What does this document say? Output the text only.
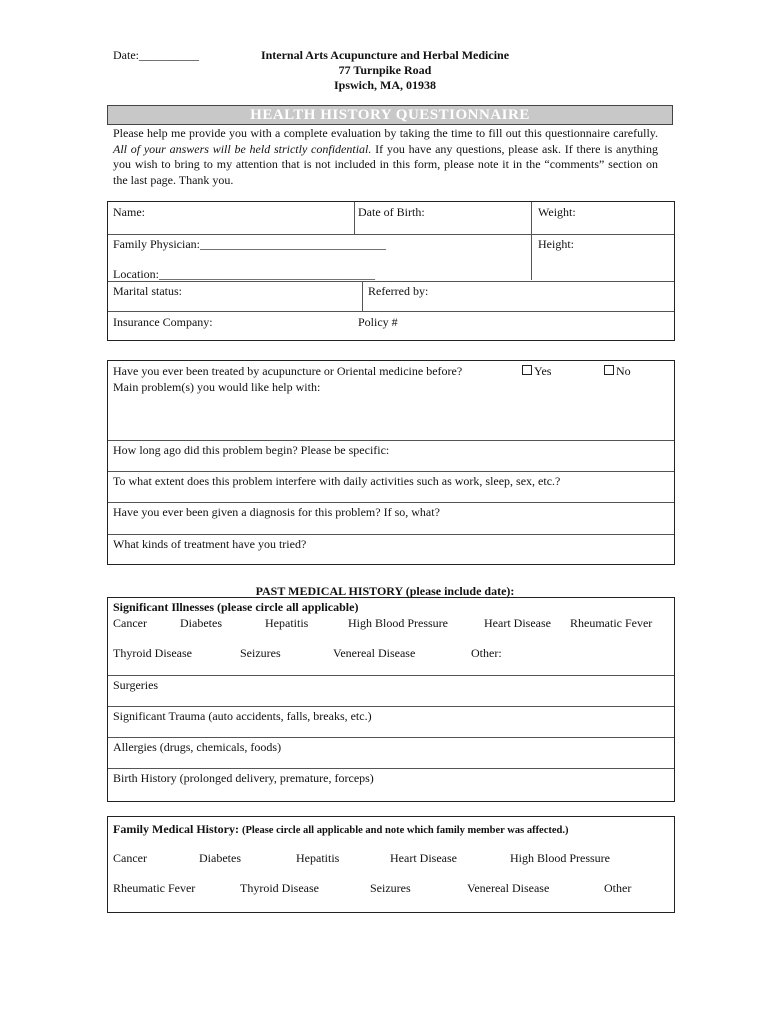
Date:__________	Internal Arts Acupuncture and Herbal Medicine
77 Turnpike Road
Ipswich, MA, 01938
HEALTH HISTORY QUESTIONNAIRE
Please help me provide you with a complete evaluation by taking the time to fill out this questionnaire carefully. All of your answers will be held strictly confidential. If you have any questions, please ask. If there is anything you wish to bring to my attention that is not included in this form, please note it in the “comments” section on the last page. Thank you.
Name:	Date of Birth:	Weight:
Family Physician:_______________________________	Height:
Location:____________________________________
Marital status:	Referred by:
Insurance Company:	Policy #
Have you ever been treated by acupuncture or Oriental medicine before?	Yes	No
Main problem(s) you would like help with:
How long ago did this problem begin? Please be specific:
To what extent does this problem interfere with daily activities such as work, sleep, sex, etc.?
Have you ever been given a diagnosis for this problem? If so, what?
What kinds of treatment have you tried?
PAST MEDICAL HISTORY (please include date):
Significant Illnesses (please circle all applicable)
Cancer	Diabetes	Hepatitis	High Blood Pressure	Heart Disease Rheumatic Fever
Thyroid Disease	Seizures	Venereal Disease	Other:
Surgeries
Significant Trauma (auto accidents, falls, breaks, etc.)
Allergies (drugs, chemicals, foods)
Birth History (prolonged delivery, premature, forceps)
Family Medical History: (Please circle all applicable and note which family member was affected.)
Cancer	Diabetes	Hepatitis	Heart Disease	High Blood Pressure
Rheumatic Fever	Thyroid Disease	Seizures	Venereal Disease	Other
